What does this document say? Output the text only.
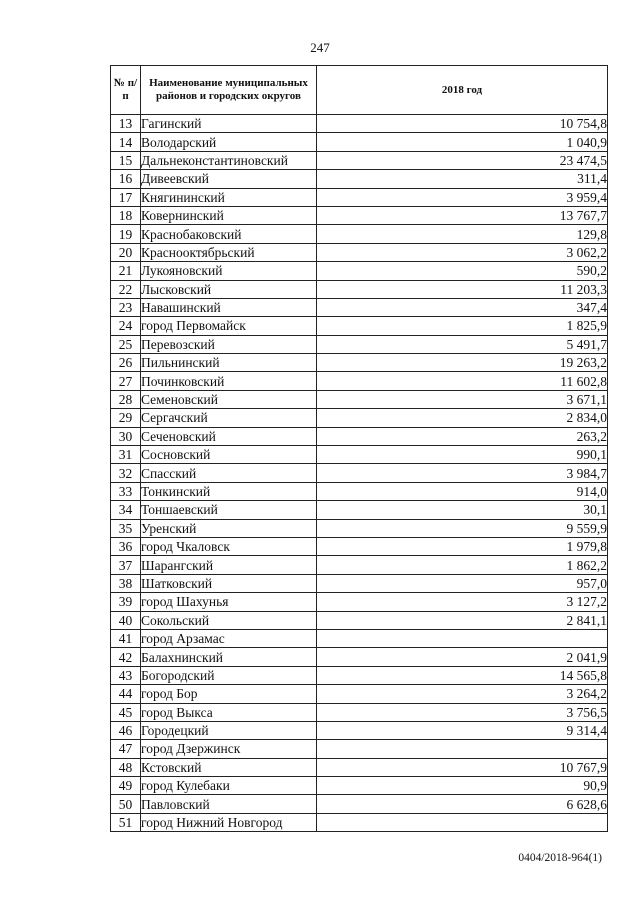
247
№ п/п	Наименование муниципальных районов и городских округов	2018 год
13	Гагинский	10 754,8
14	Володарский	1 040,9
15	Дальнеконстантиновский	23 474,5
16	Дивеевский	311,4
17	Княгининский	3 959,4
18	Ковернинский	13 767,7
19	Краснобаковский	129,8
20	Краснооктябрьский	3 062,2
21	Лукояновский	590,2
22	Лысковский	11 203,3
23	Навашинский	347,4
24	город Первомайск	1 825,9
25	Перевозский	5 491,7
26	Пильнинский	19 263,2
27	Починковский	11 602,8
28	Семеновский	3 671,1
29	Сергачский	2 834,0
30	Сеченовский	263,2
31	Сосновский	990,1
32	Спасский	3 984,7
33	Тонкинский	914,0
34	Тоншаевский	30,1
35	Уренский	9 559,9
36	город Чкаловск	1 979,8
37	Шарангский	1 862,2
38	Шатковский	957,0
39	город Шахунья	3 127,2
40	Сокольский	2 841,1
41	город Арзамас	
42	Балахнинский	2 041,9
43	Богородский	14 565,8
44	город Бор	3 264,2
45	город Выкса	3 756,5
46	Городецкий	9 314,4
47	город Дзержинск	
48	Кстовский	10 767,9
49	город Кулебаки	90,9
50	Павловский	6 628,6
51	город Нижний Новгород	
0404/2018-964(1)
